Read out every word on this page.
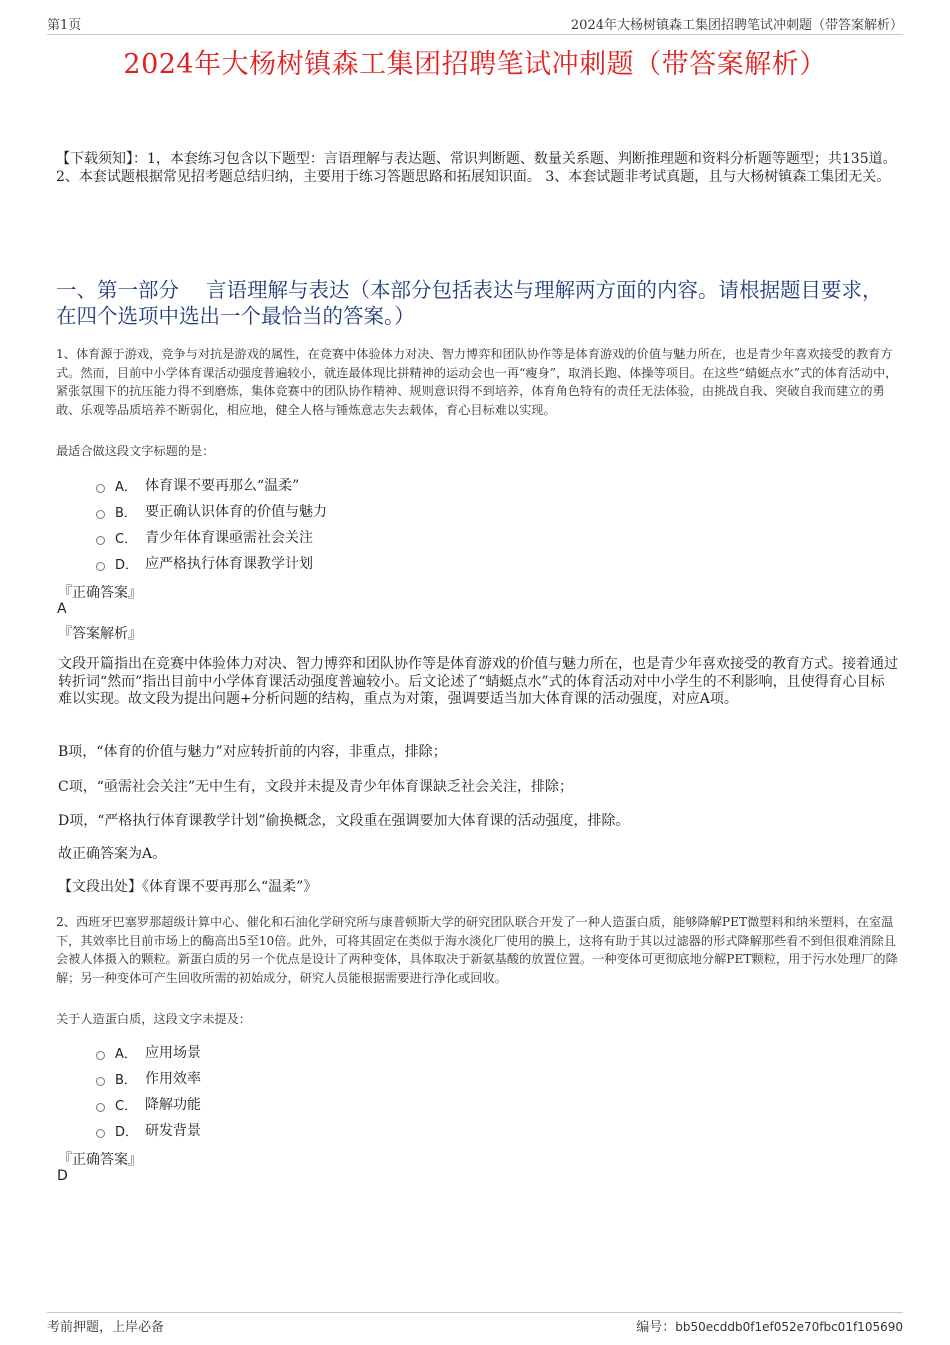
第1页	2024年大杨树镇森工集团招聘笔试冲刺题（带答案解析）
2024年大杨树镇森工集团招聘笔试冲刺题（带答案解析）
【下载须知】：1，本套练习包含以下题型：言语理解与表达题、常识判断题、数量关系题、判断推理题和资料分析题等题型；共135道。 2、本套试题根据常见招考题总结归纳，主要用于练习答题思路和拓展知识面。 3、本套试题非考试真题，且与大杨树镇森工集团无关。
一、第一部分　 言语理解与表达（本部分包括表达与理解两方面的内容。请根据题目要求，在四个选项中选出一个最恰当的答案。）
1、体育源于游戏，竞争与对抗是游戏的属性，在竞赛中体验体力对决、智力博弈和团队协作等是体育游戏的价值与魅力所在，也是青少年喜欢接受的教育方式。然而，目前中小学体育课活动强度普遍较小，就连最体现比拼精神的运动会也一再“瘦身”，取消长跑、体操等项目。在这些“蜻蜓点水”式的体育活动中，紧张氛围下的抗压能力得不到磨炼，集体竞赛中的团队协作精神、规则意识得不到培养，体育角色特有的责任无法体验，由挑战自我、突破自我而建立的勇敢、乐观等品质培养不断弱化，相应地，健全人格与锤炼意志失去载体，育心目标难以实现。
最适合做这段文字标题的是：
A． 体育课不要再那么“温柔”
B． 要正确认识体育的价值与魅力
C． 青少年体育课亟需社会关注
D． 应严格执行体育课教学计划
『正确答案』
A
『答案解析』

文段开篇指出在竞赛中体验体力对决、智力博弈和团队协作等是体育游戏的价值与魅力所在，也是青少年喜欢接受的教育方式。接着通过转折词“然而”指出目前中小学体育课活动强度普遍较小。后文论述了“蜻蜓点水”式的体育活动对中小学生的不利影响，且使得育心目标难以实现。故文段为提出问题+分析问题的结构，重点为对策，强调要适当加大体育课的活动强度，对应A项。

B项，“体育的价值与魅力”对应转折前的内容，非重点，排除；

C项，“亟需社会关注”无中生有，文段并未提及青少年体育课缺乏社会关注，排除；

D项，“严格执行体育课教学计划”偷换概念，文段重在强调要加大体育课的活动强度，排除。

故正确答案为A。

【文段出处】《体育课不要再那么“温柔”》

2、西班牙巴塞罗那超级计算中心、催化和石油化学研究所与康普顿斯大学的研究团队联合开发了一种人造蛋白质，能够降解PET微塑料和纳米塑料，在室温下，其效率比目前市场上的酶高出5至10倍。此外，可将其固定在类似于海水淡化厂使用的膜上，这将有助于其以过滤器的形式降解那些看不到但很难消除且会被人体摄入的颗粒。新蛋白质的另一个优点是设计了两种变体，具体取决于新氨基酸的放置位置。一种变体可更彻底地分解PET颗粒，用于污水处理厂的降解；另一种变体可产生回收所需的初始成分，研究人员能根据需要进行净化或回收。
关于人造蛋白质，这段文字未提及：
A． 应用场景
B． 作用效率
C． 降解功能
D． 研发背景
『正确答案』
D
考前押题，上岸必备	编号：bb50ecddb0f1ef052e70fbc01f105690
